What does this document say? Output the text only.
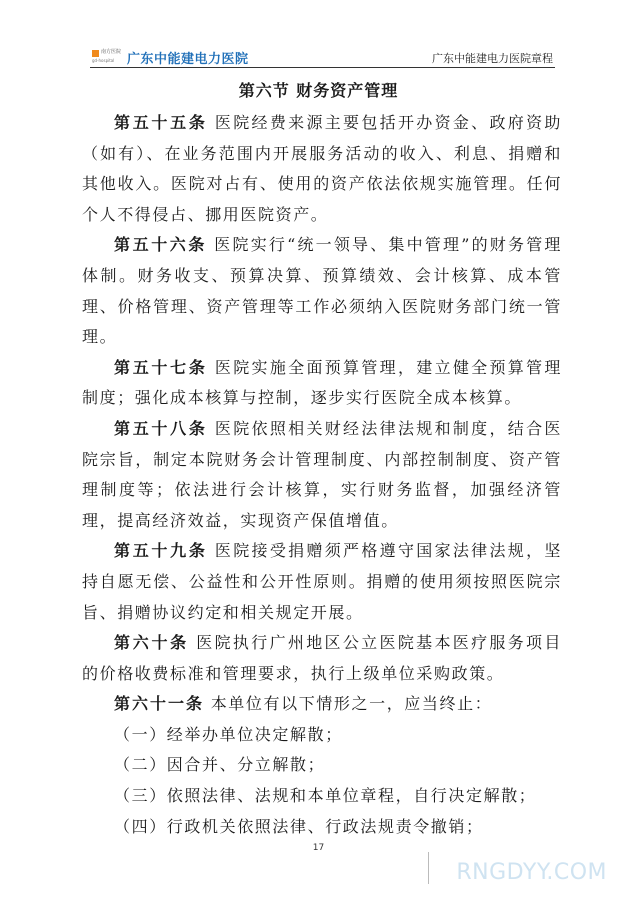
南方医院
gd-hospital 广东中能建电力医院	广东中能建电力医院章程
第六节 财务资产管理

第五十五条 医院经费来源主要包括开办资金、政府资助（如有）、在业务范围内开展服务活动的收入、利息、捐赠和其他收入。医院对占有、使用的资产依法依规实施管理。任何个人不得侵占、挪用医院资产。

第五十六条 医院实行“统一领导、集中管理”的财务管理体制。财务收支、预算决算、预算绩效、会计核算、成本管理、价格管理、资产管理等工作必须纳入医院财务部门统一管理。

第五十七条 医院实施全面预算管理，建立健全预算管理制度；强化成本核算与控制，逐步实行医院全成本核算。

第五十八条 医院依照相关财经法律法规和制度，结合医院宗旨，制定本院财务会计管理制度、内部控制制度、资产管理制度等；依法进行会计核算，实行财务监督，加强经济管理，提高经济效益，实现资产保值增值。

第五十九条 医院接受捐赠须严格遵守国家法律法规，坚持自愿无偿、公益性和公开性原则。捐赠的使用须按照医院宗旨、捐赠协议约定和相关规定开展。

第六十条 医院执行广州地区公立医院基本医疗服务项目的价格收费标准和管理要求，执行上级单位采购政策。

第六十一条 本单位有以下情形之一，应当终止：

（一）经举办单位决定解散；

（二）因合并、分立解散；

（三）依照法律、法规和本单位章程，自行决定解散；

（四）行政机关依照法律、行政法规责令撤销；

17
RNGDYY.COM
